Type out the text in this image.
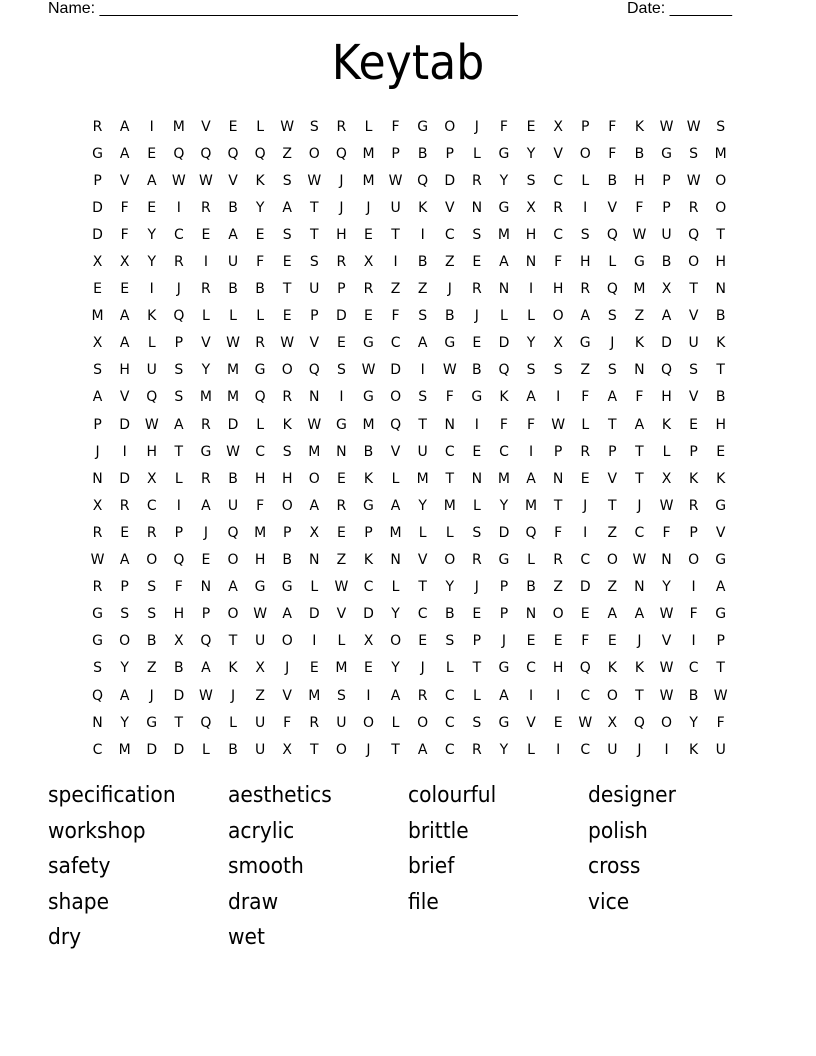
Name: _______________________________________________	Date: _______
Keytab
R	A	I	M	V	E	L	W	S	R	L	F	G	O	J	F	E	X	P	F	K	W W	S
G	A	E	Q	Q	Q	Q	Z	O	Q	M	P	B	P	L	G	Y	V	O	F	B	G	S	M
P	V	A	W W	V	K	S	W	J	M	W	Q	D	R	Y	S	C	L	B	H	P	W	O
D	F	E	I	R	B	Y	A	T	J	J	U	K	V	N	G	X	R	I	V	F	P	R	O
D	F	Y	C	E	A	E	S	T	H	E	T	I	C	S	M	H	C	S	Q	W	U	Q	T
X	X	Y	R	I	U	F	E	S	R	X	I	B	Z	E	A	N	F	H	L	G	B	O	H
E	E	I	J	R	B	B	T	U	P	R	Z	Z	J	R	N	I	H	R	Q	M	X	T	N
M	A	K	Q	L	L	L	E	P	D	E	F	S	B	J	L	L	O	A	S	Z	A	V	B
X	A	L	P	V	W	R	W	V	E	G	C	A	G	E	D	Y	X	G	J	K	D	U	K
S	H	U	S	Y	M	G	O	Q	S	W	D	I	W	B	Q	S	S	Z	S	N	Q	S	T
A	V	Q	S	M	M	Q	R	N	I	G	O	S	F	G	K	A	I	F	A	F	H	V	B
P	D	W	A	R	D	L	K	W	G	M	Q	T	N	I	F	F	W	L	T	A	K	E	H
J	I	H	T	G	W	C	S	M	N	B	V	U	C	E	C	I	P	R	P	T	L	P	E
N	D	X	L	R	B	H	H	O	E	K	L	M	T	N	M	A	N	E	V	T	X	K	K
X	R	C	I	A	U	F	O	A	R	G	A	Y	M	L	Y	M	T	J	T	J	W	R	G
R	E	R	P	J	Q	M	P	X	E	P	M	L	L	S	D	Q	F	I	Z	C	F	P	V
W	A	O	Q	E	O	H	B	N	Z	K	N	V	O	R	G	L	R	C	O	W	N	O	G
R	P	S	F	N	A	G	G	L	W	C	L	T	Y	J	P	B	Z	D	Z	N	Y	I	A
G	S	S	H	P	O	W	A	D	V	D	Y	C	B	E	P	N	O	E	A	A	W	F	G
G	O	B	X	Q	T	U	O	I	L	X	O	E	S	P	J	E	E	F	E	J	V	I	P
S	Y	Z	B	A	K	X	J	E	M	E	Y	J	L	T	G	C	H	Q	K	K	W	C	T
Q	A	J	D	W	J	Z	V	M	S	I	A	R	C	L	A	I	I	C	O	T	W	B	W
N	Y	G	T	Q	L	U	F	R	U	O	L	O	C	S	G	V	E	W	X	Q	O	Y	F
C	M	D	D	L	B	U	X	T	O	J	T	A	C	R	Y	L	I	C	U	J	I	K	U
specification	aesthetics	colourful	designer
workshop	acrylic	brittle	polish
safety	smooth	brief	cross
shape	draw	file	vice
dry	wet
